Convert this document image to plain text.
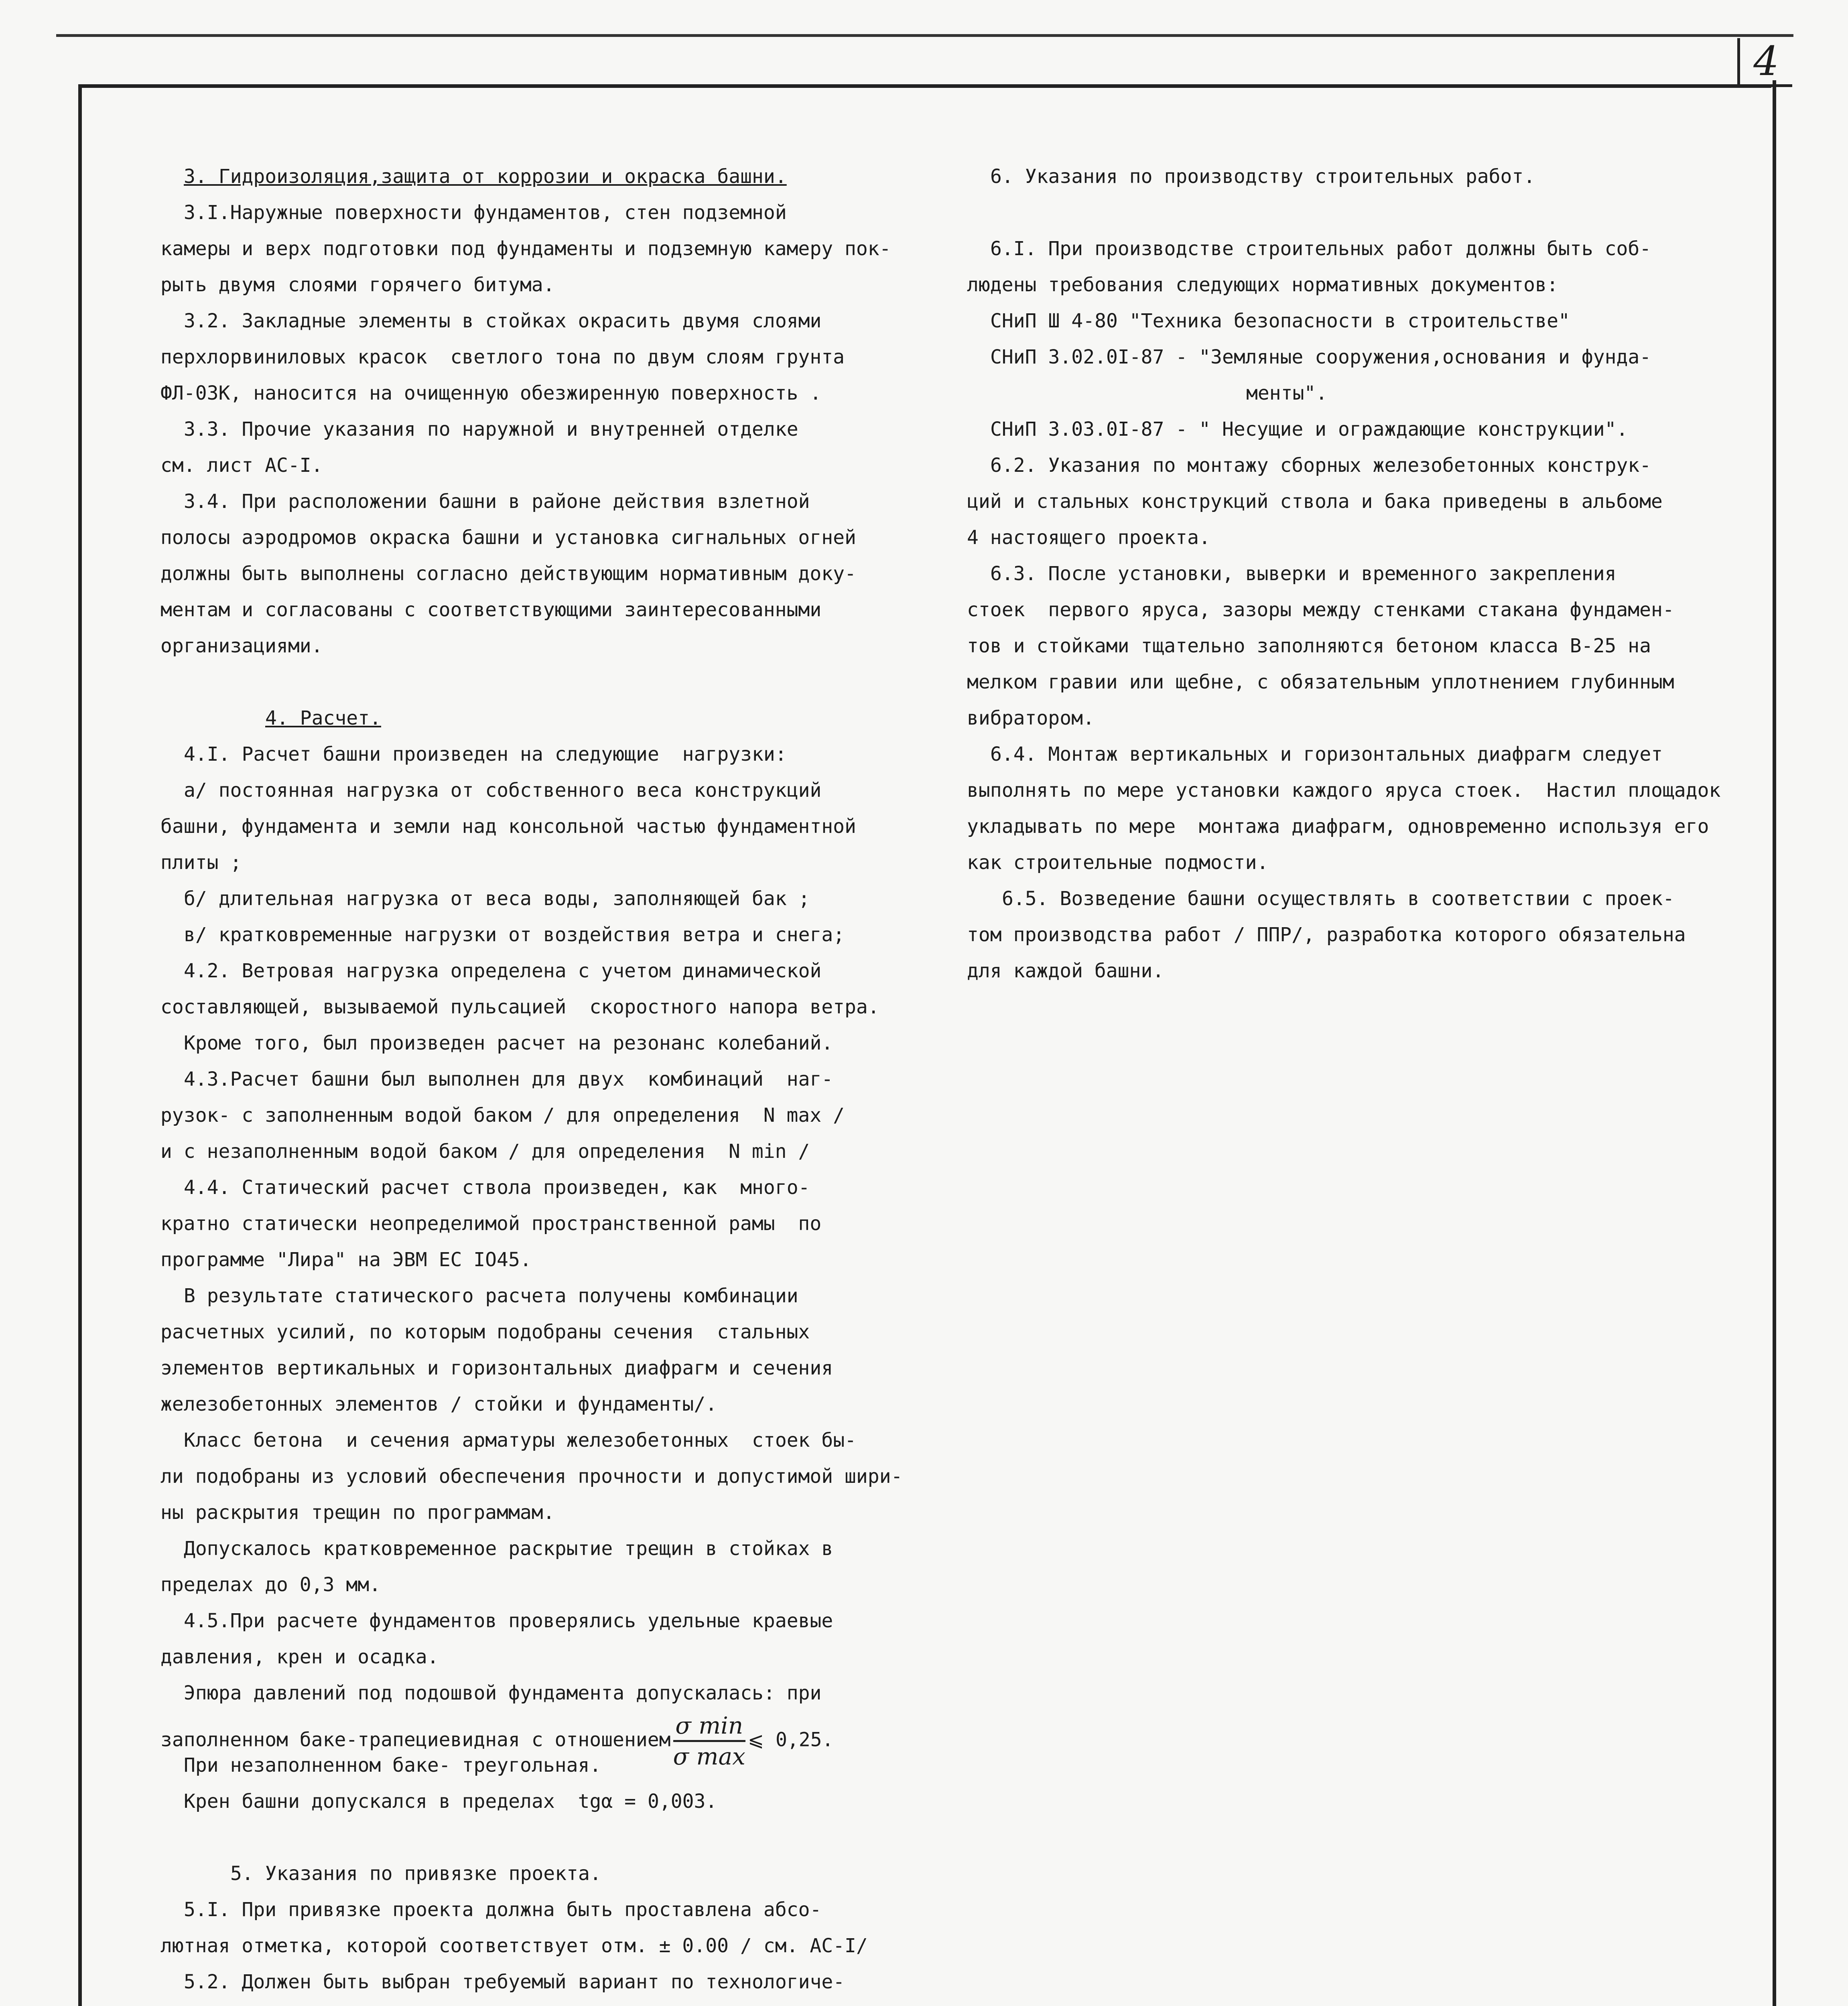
4
3. Гидроизоляция,защита от коррозии и окраска башни.
3.I.Наружные поверхности фундаментов, стен подземной
камеры и верх подготовки под фундаменты и подземную камеру пок-
рыть двумя слоями горячего битума.
3.2. Закладные элементы в стойках окрасить двумя слоями
перхлорвиниловых красок  светлого тона по двум слоям грунта
ФЛ-03К, наносится на очищенную обезжиренную поверхность .
3.3. Прочие указания по наружной и внутренней отделке
см. лист АС-I.
3.4. При расположении башни в районе действия взлетной
полосы аэродромов окраска башни и установка сигнальных огней
должны быть выполнены согласно действующим нормативным доку-
ментам и согласованы с соответствующими заинтересованными
организациями.
4. Расчет.
4.I. Расчет башни произведен на следующие  нагрузки:
а/ постоянная нагрузка от собственного веса конструкций
башни, фундамента и земли над консольной частью фундаментной
плиты ;
б/ длительная нагрузка от веса воды, заполняющей бак ;
в/ кратковременные нагрузки от воздействия ветра и снега;
4.2. Ветровая нагрузка определена с учетом динамической
составляющей, вызываемой пульсацией  скоростного напора ветра.
Кроме того, был произведен расчет на резонанс колебаний.
4.3.Расчет башни был выполнен для двух  комбинаций  наг-
рузок- с заполненным водой баком / для определения  N max /
и с незаполненным водой баком / для определения  N min /
4.4. Статический расчет ствола произведен, как  много-
кратно статически неопределимой пространственной рамы  по
программе "Лира" на ЭВМ ЕС IO45.
В результате статического расчета получены комбинации
расчетных усилий, по которым подобраны сечения  стальных
элементов вертикальных и горизонтальных диафрагм и сечения
железобетонных элементов / стойки и фундаменты/.
Класс бетона  и сечения арматуры железобетонных  стоек бы-
ли подобраны из условий обеспечения прочности и допустимой шири-
ны раскрытия трещин по программам.
Допускалось кратковременное раскрытие трещин в стойках в
пределах до 0,3 мм.
4.5.При расчете фундаментов проверялись удельные краевые
давления, крен и осадка.
Эпюра давлений под подошвой фундамента допускалась: при
заполненном баке-трапециевидная с отношением $\frac{\text{σ min}}{\text{σ max}}$ ⩽ 0,25.
При незаполненном баке- треугольная.
Крен башни допускался в пределах  tgα = 0,003.
5. Указания по привязке проекта.
5.I. При привязке проекта должна быть проставлена абсо-
лютная отметка, которой соответствует отм. ± 0.00 / см. АС-I/
5.2. Должен быть выбран требуемый вариант по технологиче-
6. Указания по производству строительных работ.
6.I. При производстве строительных работ должны быть соб-
людены требования следующих нормативных документов:
СНиП Ш 4-80 "Техника безопасности в строительстве"
СНиП 3.02.0I-87 - "Земляные сооружения,основания и фунда-
менты".
СНиП 3.03.0I-87 - " Несущие и ограждающие конструкции".
6.2. Указания по монтажу сборных железобетонных конструк-
ций и стальных конструкций ствола и бака приведены в альбоме
4 настоящего проекта.
6.3. После установки, выверки и временного закрепления
стоек  первого яруса, зазоры между стенками стакана фундамен-
тов и стойками тщательно заполняются бетоном класса В-25 на
мелком гравии или щебне, с обязательным уплотнением глубинным
вибратором.
6.4. Монтаж вертикальных и горизонтальных диафрагм следует
выполнять по мере установки каждого яруса стоек.  Настил площадок
укладывать по мере  монтажа диафрагм, одновременно используя его
как строительные подмости.
6.5. Возведение башни осуществлять в соответствии с проек-
том производства работ / ППР/, разработка которого обязательна
для каждой башни.
